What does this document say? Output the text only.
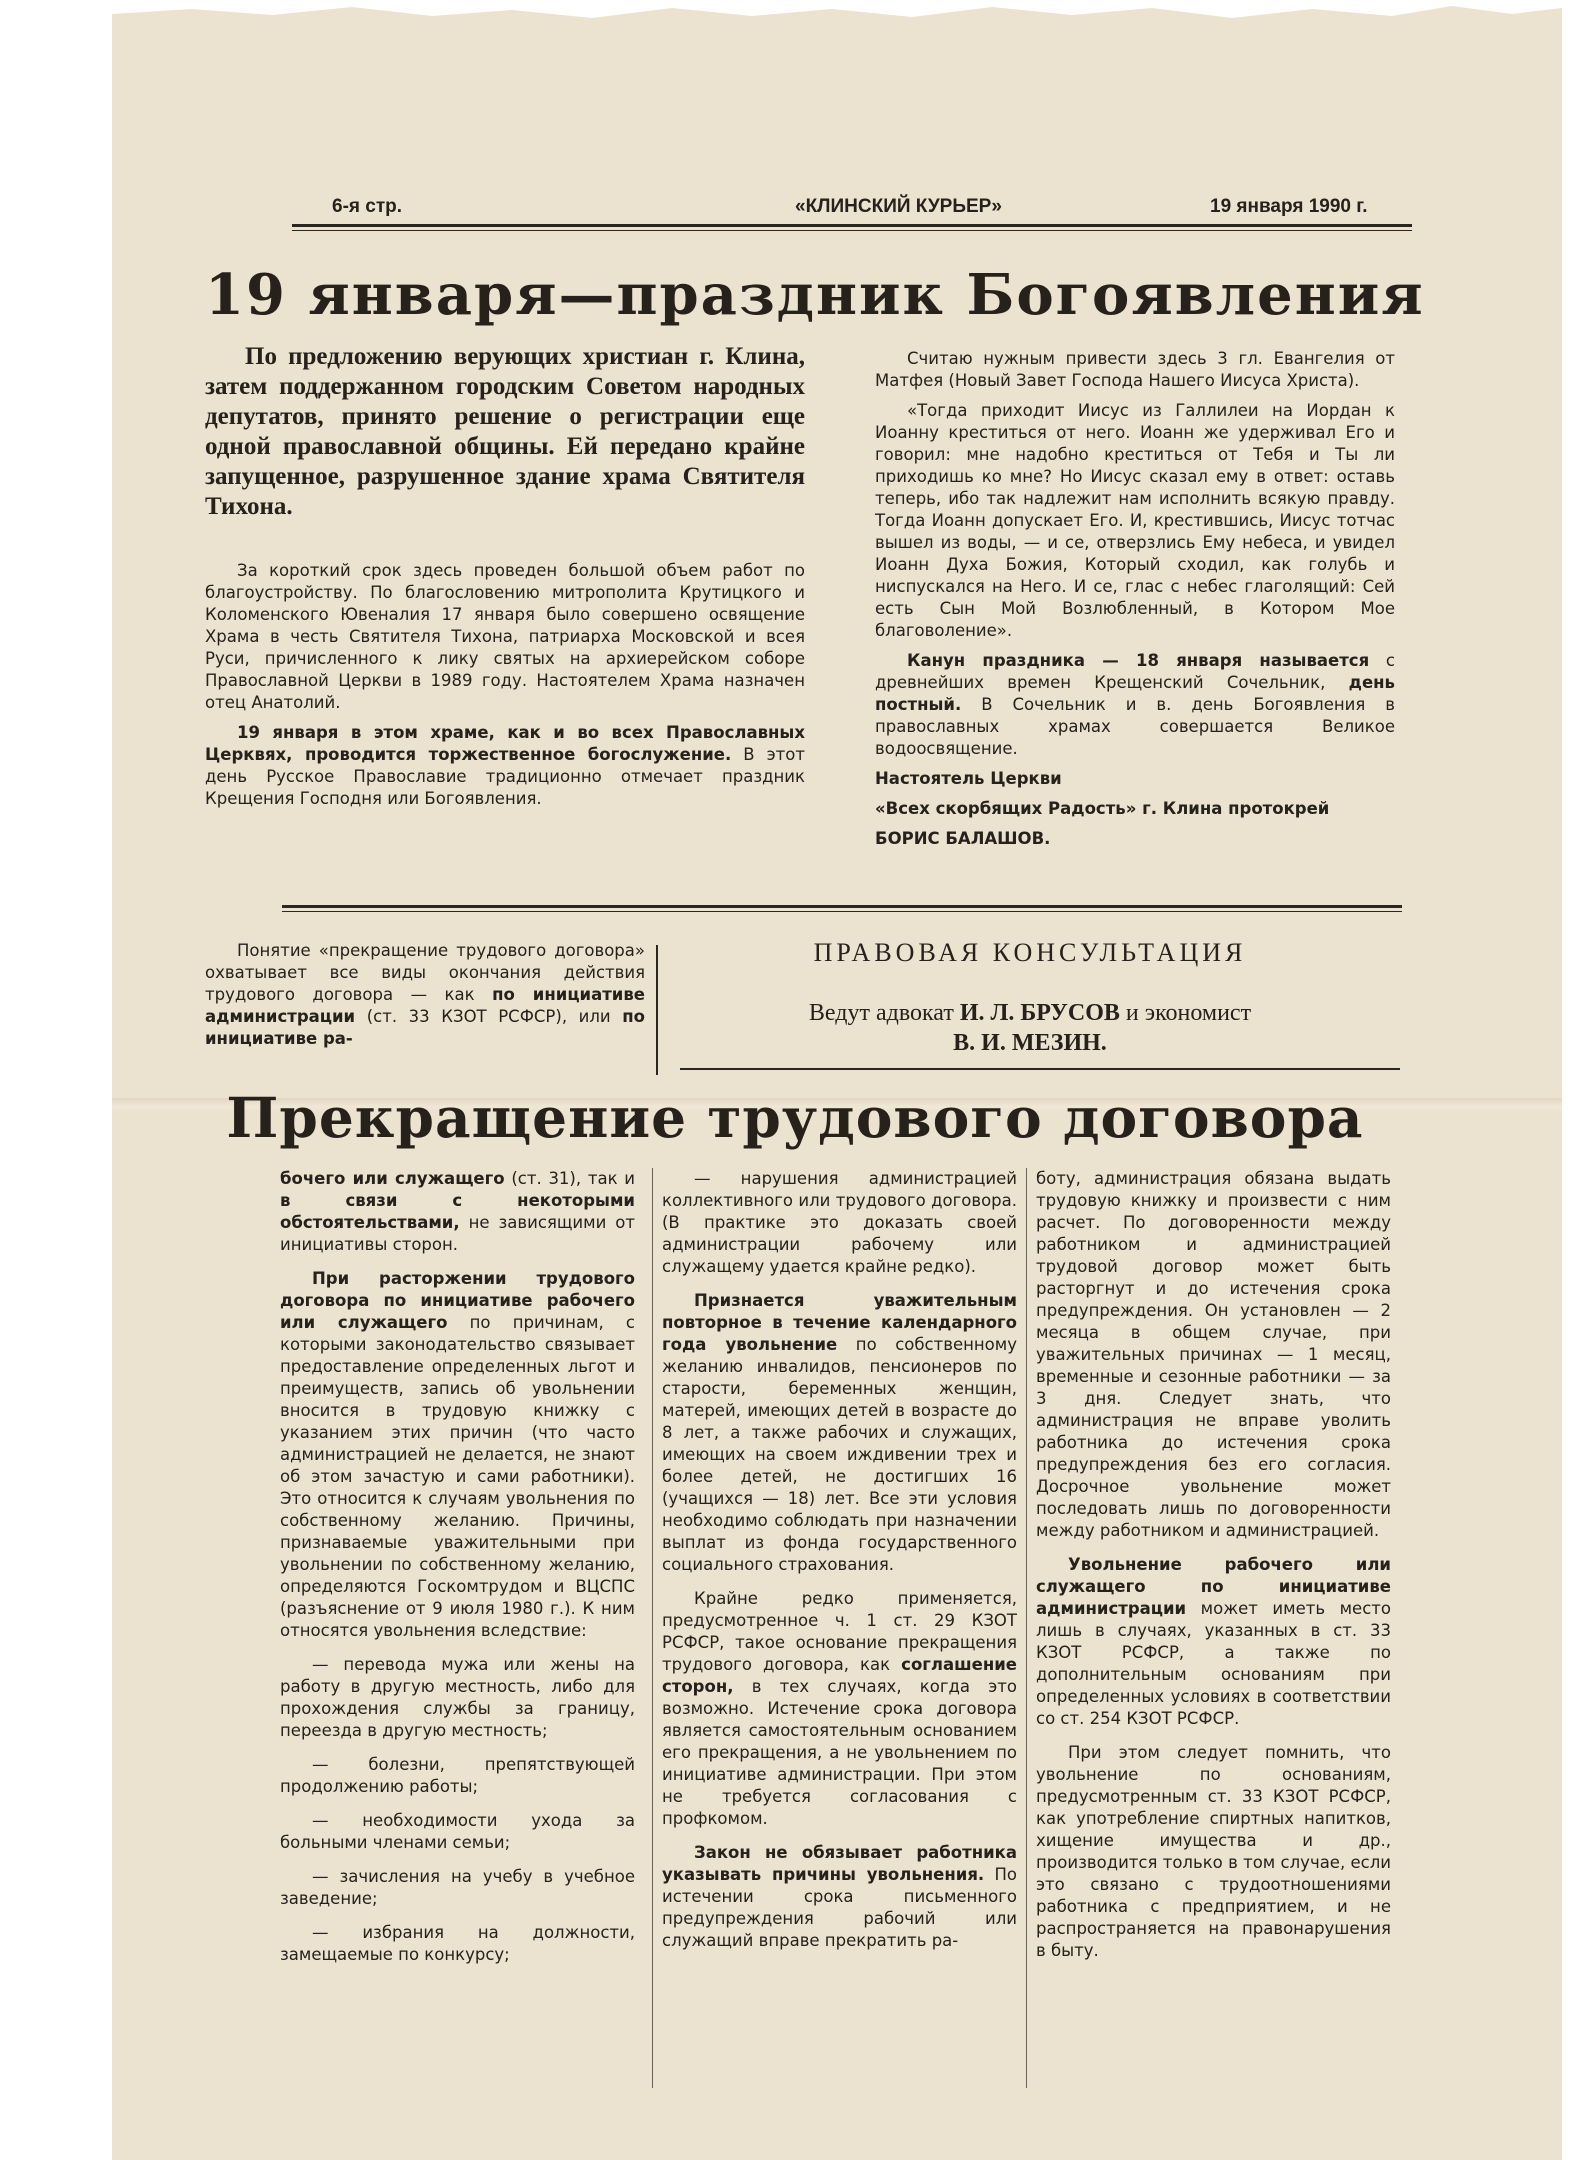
6-я стр.	«КЛИНСКИЙ КУРЬЕР»	19 января 1990 г.
19 января—праздник Богоявления

По предложению верующих христиан г. Клина, затем поддержанном городским Советом народных депутатов, принято решение о регистрации еще одной православной общины. Ей передано крайне запущенное, разрушенное здание храма Святителя Тихона.

За короткий срок здесь проведен большой объем работ по благоустройству. По благословению митрополита Крутицкого и Коломенского Ювеналия 17 января было совершено освящение Храма в честь Святителя Тихона, патриарха Московской и всея Руси, причисленного к лику святых на архиерейском соборе Православной Церкви в 1989 году. Настоятелем Храма назначен отец Анатолий.

19 января в этом храме, как и во всех Православных Церквях, проводится торжественное богослужение. В этот день Русское Православие традиционно отмечает праздник Крещения Господня или Богоявления.

Считаю нужным привести здесь 3 гл. Евангелия от Матфея (Новый Завет Господа Нашего Иисуса Христа).

«Тогда приходит Иисус из Галлилеи на Иордан к Иоанну креститься от него. Иоанн же удерживал Его и говорил: мне надобно креститься от Тебя и Ты ли приходишь ко мне? Но Иисус сказал ему в ответ: оставь теперь, ибо так надлежит нам исполнить всякую правду. Тогда Иоанн допускает Его. И, крестившись, Иисус тотчас вышел из воды, — и се, отверзлись Ему небеса, и увидел Иоанн Духа Божия, Который сходил, как голубь и ниспускался на Него. И се, глас с небес глаголящий: Сей есть Сын Мой Возлюбленный, в Котором Мое благоволение».

Канун праздника — 18 января называется с древнейших времен Крещенский Сочельник, день постный. В Сочельник и в. день Богоявления в православных храмах совершается Великое водоосвящение.

Настоятель Церкви

«Всех скорбящих Радость» г. Клина протокрей

БОРИС БАЛАШОВ.

Понятие «прекращение трудового договора» охватывает все виды окончания действия трудового договора — как по инициативе администрации (ст. 33 КЗОТ РСФСР), или по инициативе ра-

ПРАВОВАЯ КОНСУЛЬТАЦИЯ
Ведут адвокат И. Л. БРУСОВ и экономист
В. И. МЕЗИН.
Прекращение трудового договора

бочего или служащего (ст. 31), так и в связи с некоторыми обстоятельствами, не зависящими от инициативы сторон.

При расторжении трудового договора по инициативе рабочего или служащего по причинам, с которыми законодательство связывает предоставление определенных льгот и преимуществ, запись об увольнении вносится в трудовую книжку с указанием этих причин (что часто администрацией не делается, не знают об этом зачастую и сами работники). Это относится к случаям увольнения по собственному желанию. Причины, признаваемые уважительными при увольнении по собственному желанию, определяются Госкомтрудом и ВЦСПС (разъяснение от 9 июля 1980 г.). К ним относятся увольнения вследствие:

— перевода мужа или жены на работу в другую местность, либо для прохождения службы за границу, переезда в другую местность;

— болезни, препятствующей продолжению работы;

— необходимости ухода за больными членами семьи;

— зачисления на учебу в учебное заведение;

— избрания на должности, замещаемые по конкурсу;

— нарушения администрацией коллективного или трудового договора. (В практике это доказать своей администрации рабочему или служащему удается крайне редко).

Признается уважительным повторное в течение календарного года увольнение по собственному желанию инвалидов, пенсионеров по старости, беременных женщин, матерей, имеющих детей в возрасте до 8 лет, а также рабочих и служащих, имеющих на своем иждивении трех и более детей, не достигших 16 (учащихся — 18) лет. Все эти условия необходимо соблюдать при назначении выплат из фонда государственного социального страхования.

Крайне редко применяется, предусмотренное ч. 1 ст. 29 КЗОТ РСФСР, такое основание прекращения трудового договора, как соглашение сторон, в тех случаях, когда это возможно. Истечение срока договора является самостоятельным основанием его прекращения, а не увольнением по инициативе администрации. При этом не требуется согласования с профкомом.

Закон не обязывает работника указывать причины увольнения. По истечении срока письменного предупреждения рабочий или служащий вправе прекратить ра-

боту, администрация обязана выдать трудовую книжку и произвести с ним расчет. По договоренности между работником и администрацией трудовой договор может быть расторгнут и до истечения срока предупреждения. Он установлен — 2 месяца в общем случае, при уважительных причинах — 1 месяц, временные и сезонные работники — за 3 дня. Следует знать, что администрация не вправе уволить работника до истечения срока предупреждения без его согласия. Досрочное увольнение может последовать лишь по договоренности между работником и администрацией.

Увольнение рабочего или служащего по инициативе администрации может иметь место лишь в случаях, указанных в ст. 33 КЗОТ РСФСР, а также по дополнительным основаниям при определенных условиях в соответствии со ст. 254 КЗОТ РСФСР.

При этом следует помнить, что увольнение по основаниям, предусмотренным ст. 33 КЗОТ РСФСР, как употребление спиртных напитков, хищение имущества и др., производится только в том случае, если это связано с трудоотношениями работника с предприятием, и не распространяется на правонарушения в быту.
